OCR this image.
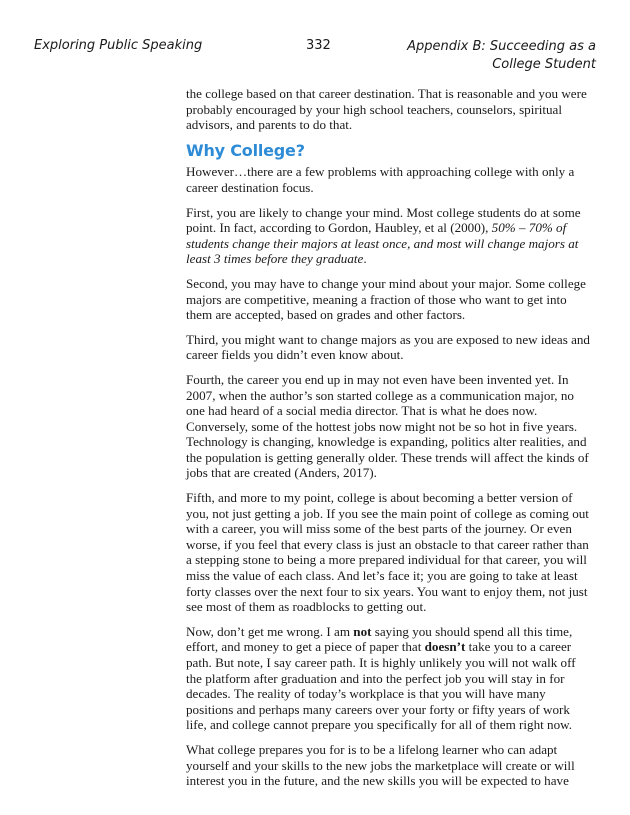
Exploring Public Speaking	332	Appendix B: Succeeding as a
College Student

the college based on that career destination. That is reasonable and you were probably encouraged by your high school teachers, counselors, spiritual advisors, and parents to do that.

Why College?

However…there are a few problems with approaching college with only a career destination focus.

First, you are likely to change your mind. Most college students do at some point. In fact, according to Gordon, Haubley, et al (2000), 50% – 70% of students change their majors at least once, and most will change majors at least 3 times before they graduate.

Second, you may have to change your mind about your major. Some college majors are competitive, meaning a fraction of those who want to get into them are accepted, based on grades and other factors.

Third, you might want to change majors as you are exposed to new ideas and career fields you didn’t even know about.

Fourth, the career you end up in may not even have been invented yet. In 2007, when the author’s son started college as a communication major, no one had heard of a social media director. That is what he does now. Conversely, some of the hottest jobs now might not be so hot in five years. Technology is changing, knowledge is expanding, politics alter realities, and the population is getting generally older. These trends will affect the kinds of jobs that are created (Anders, 2017).

Fifth, and more to my point, college is about becoming a better version of you, not just getting a job. If you see the main point of college as coming out with a career, you will miss some of the best parts of the journey. Or even worse, if you feel that every class is just an obstacle to that career rather than a stepping stone to being a more prepared individual for that career, you will miss the value of each class. And let’s face it; you are going to take at least forty classes over the next four to six years. You want to enjoy them, not just see most of them as roadblocks to getting out.

Now, don’t get me wrong. I am not saying you should spend all this time, effort, and money to get a piece of paper that doesn’t take you to a career path. But note, I say career path. It is highly unlikely you will not walk off the platform after graduation and into the perfect job you will stay in for decades. The reality of today’s workplace is that you will have many positions and perhaps many careers over your forty or fifty years of work life, and college cannot prepare you specifically for all of them right now.

What college prepares you for is to be a lifelong learner who can adapt yourself and your skills to the new jobs the marketplace will create or will interest you in the future, and the new skills you will be expected to have
